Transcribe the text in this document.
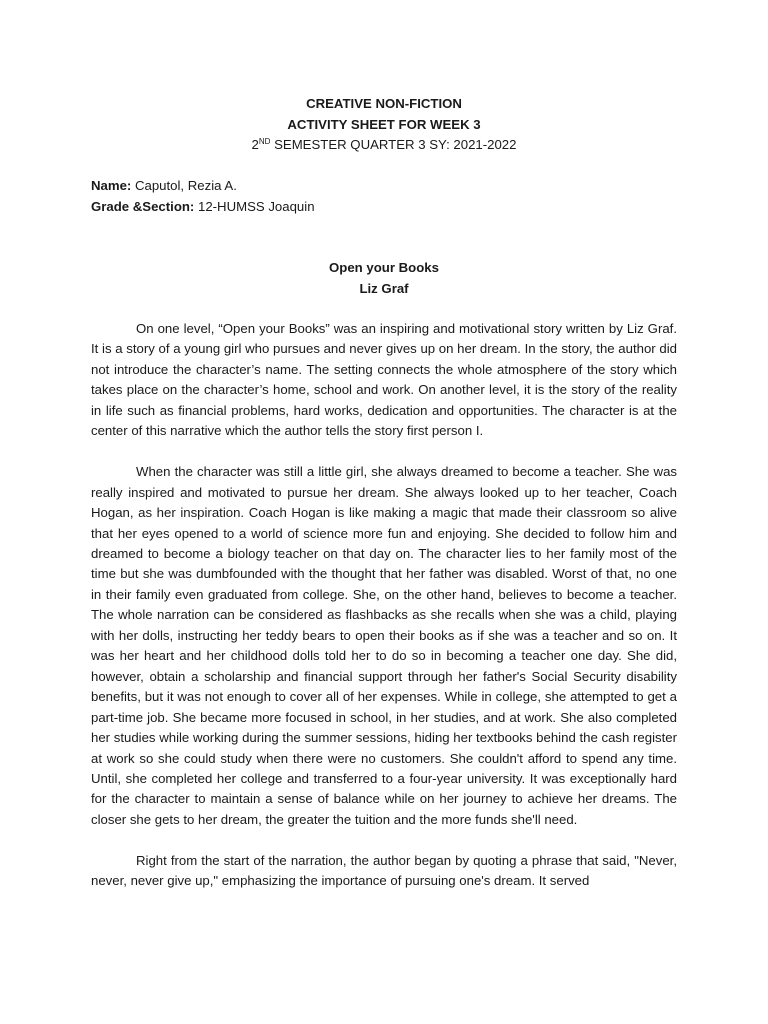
CREATIVE NON-FICTION
ACTIVITY SHEET FOR WEEK 3
2ND SEMESTER QUARTER 3 SY: 2021-2022
Name: Caputol, Rezia A.
Grade &Section: 12-HUMSS Joaquin
Open your Books
Liz Graf

On one level, “Open your Books” was an inspiring and motivational story written by Liz Graf. It is a story of a young girl who pursues and never gives up on her dream. In the story, the author did not introduce the character’s name. The setting connects the whole atmosphere of the story which takes place on the character’s home, school and work. On another level, it is the story of the reality in life such as financial problems, hard works, dedication and opportunities. The character is at the center of this narrative which the author tells the story first person I.

When the character was still a little girl, she always dreamed to become a teacher. She was really inspired and motivated to pursue her dream. She always looked up to her teacher, Coach Hogan, as her inspiration. Coach Hogan is like making a magic that made their classroom so alive that her eyes opened to a world of science more fun and enjoying. She decided to follow him and dreamed to become a biology teacher on that day on. The character lies to her family most of the time but she was dumbfounded with the thought that her father was disabled. Worst of that, no one in their family even graduated from college. She, on the other hand, believes to become a teacher. The whole narration can be considered as flashbacks as she recalls when she was a child, playing with her dolls, instructing her teddy bears to open their books as if she was a teacher and so on. It was her heart and her childhood dolls told her to do so in becoming a teacher one day. She did, however, obtain a scholarship and financial support through her father's Social Security disability benefits, but it was not enough to cover all of her expenses. While in college, she attempted to get a part-time job. She became more focused in school, in her studies, and at work. She also completed her studies while working during the summer sessions, hiding her textbooks behind the cash register at work so she could study when there were no customers. She couldn't afford to spend any time. Until, she completed her college and transferred to a four-year university. It was exceptionally hard for the character to maintain a sense of balance while on her journey to achieve her dreams. The closer she gets to her dream, the greater the tuition and the more funds she'll need.

Right from the start of the narration, the author began by quoting a phrase that said, "Never, never, never give up," emphasizing the importance of pursuing one's dream. It served
